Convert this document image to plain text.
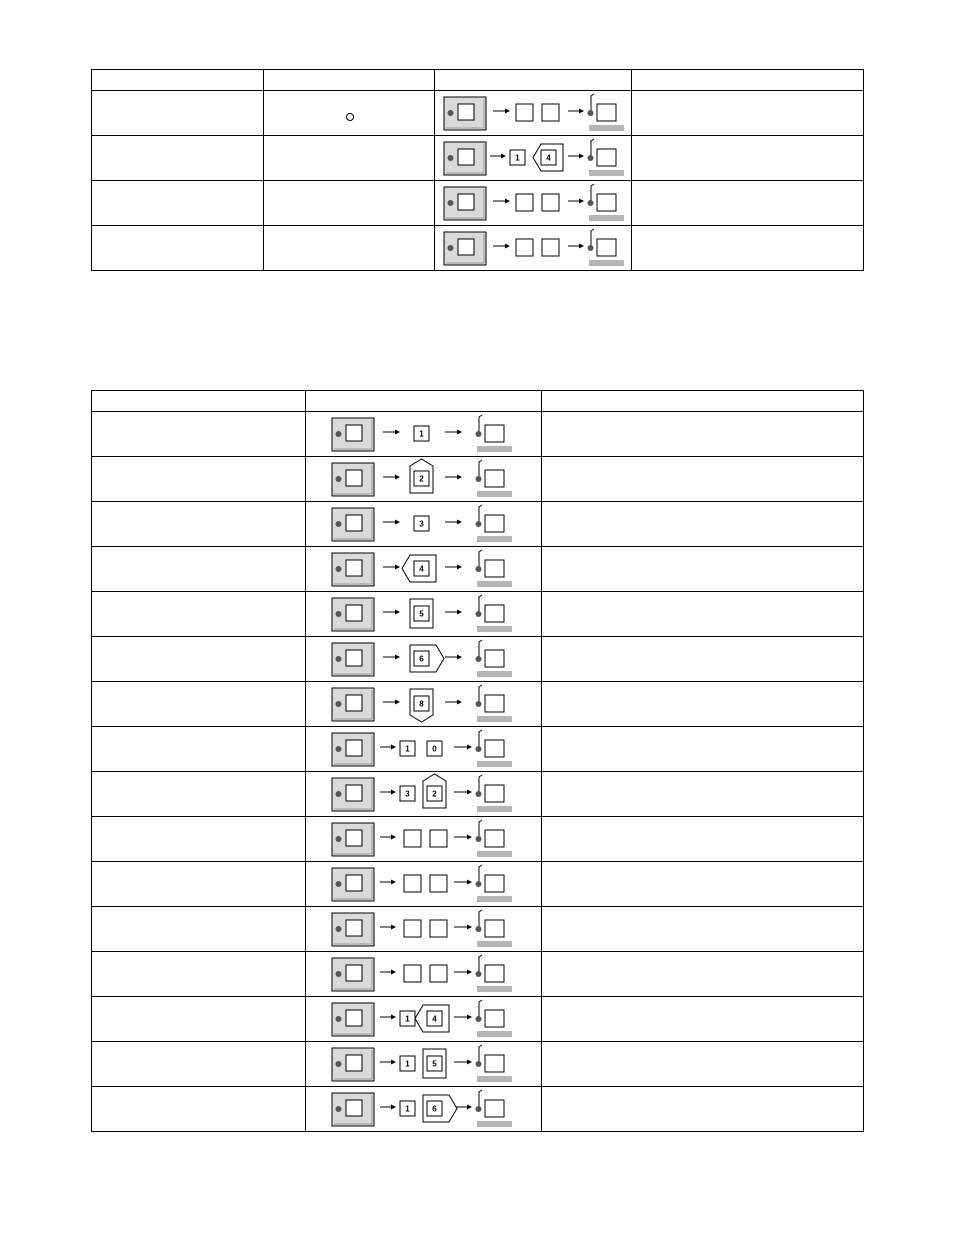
1 4	

1	

2	

3	

4	

5	

6	

8	

1 0	

3 2	

1 4	

1 5	

1 6	
